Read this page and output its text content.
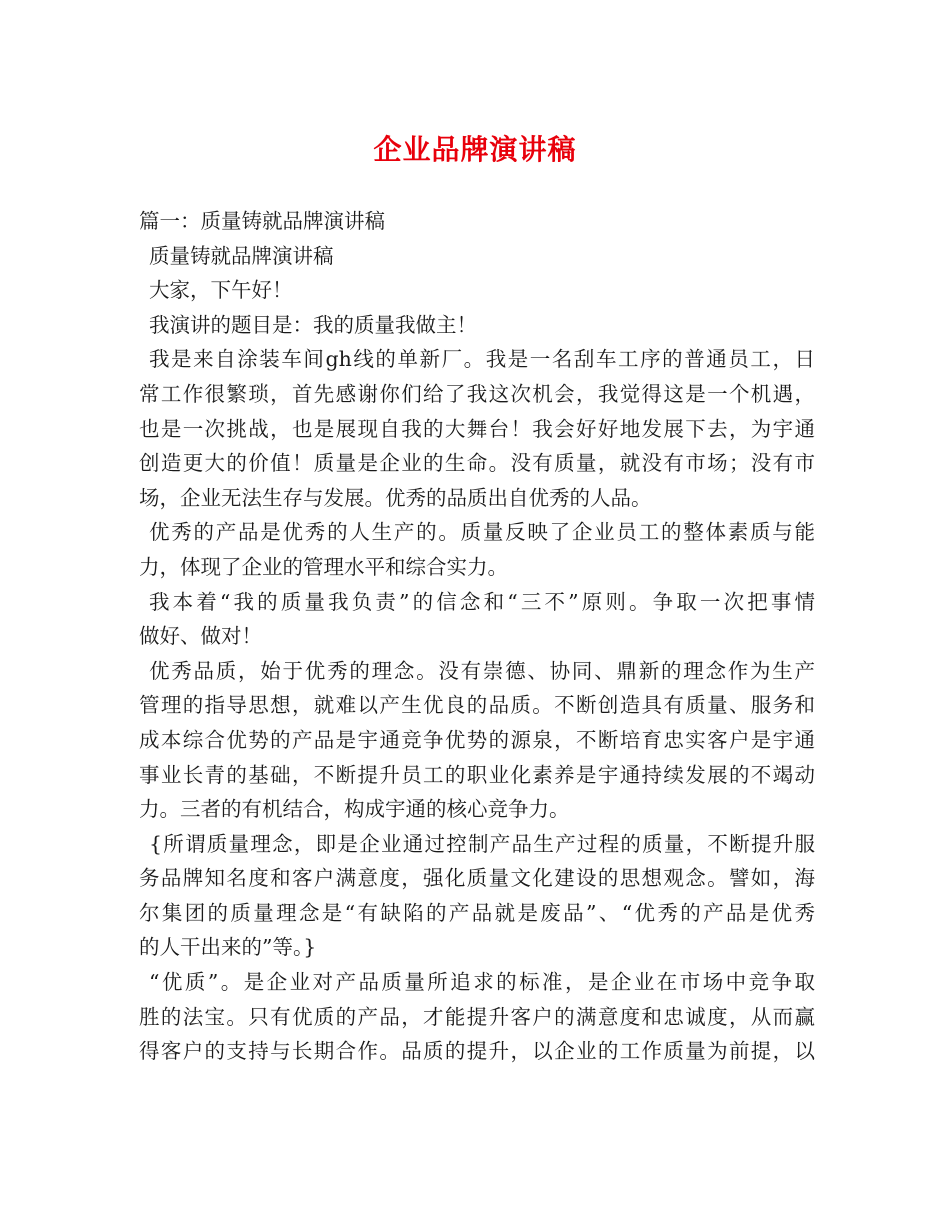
企业品牌演讲稿

篇一：质量铸就品牌演讲稿

质量铸就品牌演讲稿

大家，下午好！

我演讲的题目是：我的质量我做主！

我是来自涂装车间gh线的单新厂。我是一名刮车工序的普通员工，日

常工作很繁琐，首先感谢你们给了我这次机会，我觉得这是一个机遇，

也是一次挑战，也是展现自我的大舞台！我会好好地发展下去，为宇通

创造更大的价值！质量是企业的生命。没有质量，就没有市场；没有市

场，企业无法生存与发展。优秀的品质出自优秀的人品。

优秀的产品是优秀的人生产的。质量反映了企业员工的整体素质与能

力，体现了企业的管理水平和综合实力。

我本着“我的质量我负责”的信念和“三不”原则。争取一次把事情

做好、做对！

优秀品质，始于优秀的理念。没有崇德、协同、鼎新的理念作为生产

管理的指导思想，就难以产生优良的品质。不断创造具有质量、服务和

成本综合优势的产品是宇通竞争优势的源泉，不断培育忠实客户是宇通

事业长青的基础，不断提升员工的职业化素养是宇通持续发展的不竭动

力。三者的有机结合，构成宇通的核心竞争力。

{所谓质量理念，即是企业通过控制产品生产过程的质量，不断提升服

务品牌知名度和客户满意度，强化质量文化建设的思想观念。譬如，海

尔集团的质量理念是“有缺陷的产品就是废品”、“优秀的产品是优秀

的人干出来的”等。}

“优质”。是企业对产品质量所追求的标准，是企业在市场中竞争取

胜的法宝。只有优质的产品，才能提升客户的满意度和忠诚度，从而赢

得客户的支持与长期合作。品质的提升，以企业的工作质量为前提，以
